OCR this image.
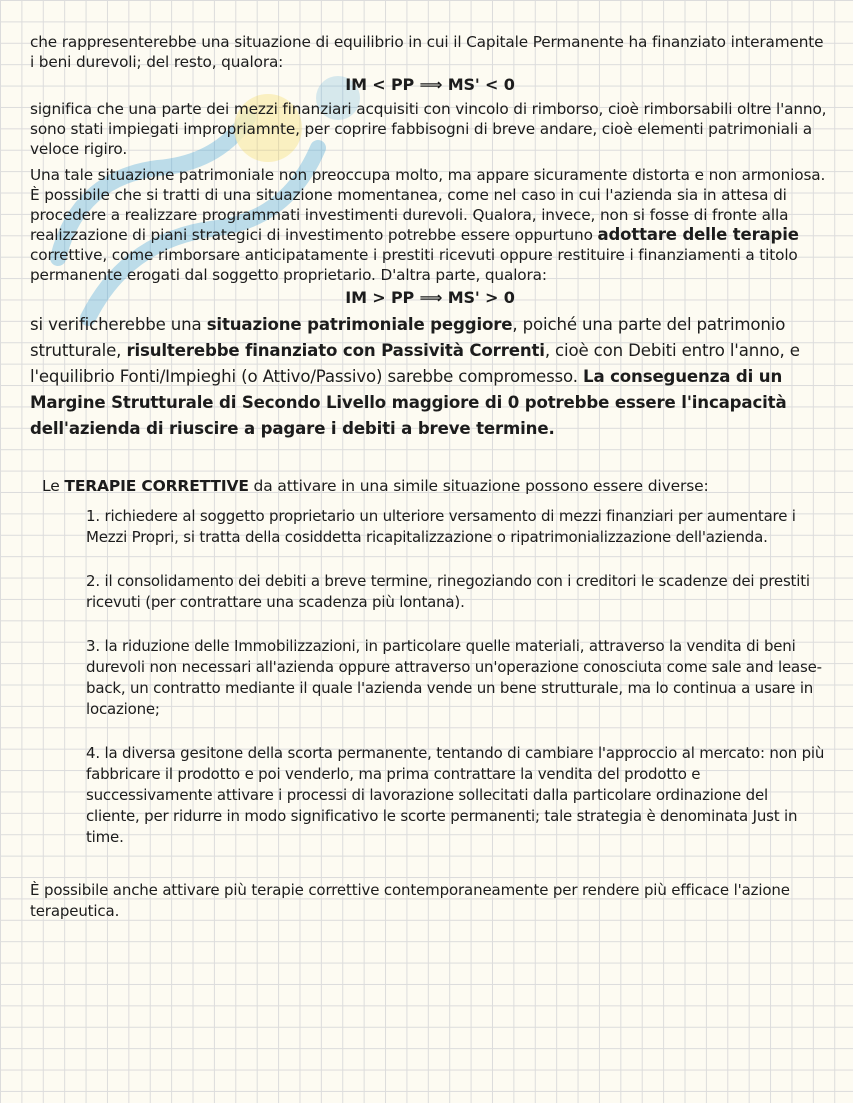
che rappresenterebbe una situazione di equilibrio in cui il Capitale Permanente ha finanziato interamente i beni durevoli; del resto, qualora:

IM < PP ⟹ MS' < 0

significa che una parte dei mezzi finanziari acquisiti con vincolo di rimborso, cioè rimborsabili oltre l'anno, sono stati impiegati impropriamnte, per coprire fabbisogni di breve andare, cioè elementi patrimoniali a veloce rigiro.

Una tale situazione patrimoniale non preoccupa molto, ma appare sicuramente distorta e non armoniosa. È possibile che si tratti di una situazione momentanea, come nel caso in cui l'azienda sia in attesa di procedere a realizzare programmati investimenti durevoli. Qualora, invece, non si fosse di fronte alla realizzazione di piani strategici di investimento potrebbe essere oppurtuno adottare delle terapie correttive, come rimborsare anticipatamente i prestiti ricevuti oppure restituire i finanziamenti a titolo permanente erogati dal soggetto proprietario. D'altra parte, qualora:

IM > PP ⟹ MS' > 0

si verificherebbe una situazione patrimoniale peggiore, poiché una parte del patrimonio strutturale, risulterebbe finanziato con Passività Correnti, cioè con Debiti entro l'anno, e l'equilibrio Fonti/Impieghi (o Attivo/Passivo) sarebbe compromesso. La conseguenza di un Margine Strutturale di Secondo Livello maggiore di 0 potrebbe essere l'incapacità dell'azienda di riuscire a pagare i debiti a breve termine.

Le TERAPIE CORRETTIVE da attivare in una simile situazione possono essere diverse:

1. richiedere al soggetto proprietario un ulteriore versamento di mezzi finanziari per aumentare i Mezzi Propri, si tratta della cosiddetta ricapitalizzazione o ripatrimonializzazione dell'azienda.
2. il consolidamento dei debiti a breve termine, rinegoziando con i creditori le scadenze dei prestiti ricevuti (per contrattare una scadenza più lontana).
3. la riduzione delle Immobilizzazioni, in particolare quelle materiali, attraverso la vendita di beni durevoli non necessari all'azienda oppure attraverso un'operazione conosciuta come sale and lease-back, un contratto mediante il quale l'azienda vende un bene strutturale, ma lo continua a usare in locazione;
4. la diversa gesitone della scorta permanente, tentando di cambiare l'approccio al mercato: non più fabbricare il prodotto e poi venderlo, ma prima contrattare la vendita del prodotto e successivamente attivare i processi di lavorazione sollecitati dalla particolare ordinazione del cliente, per ridurre in modo significativo le scorte permanenti; tale strategia è denominata Just in time.

È possibile anche attivare più terapie correttive contemporaneamente per rendere più efficace l'azione terapeutica.
